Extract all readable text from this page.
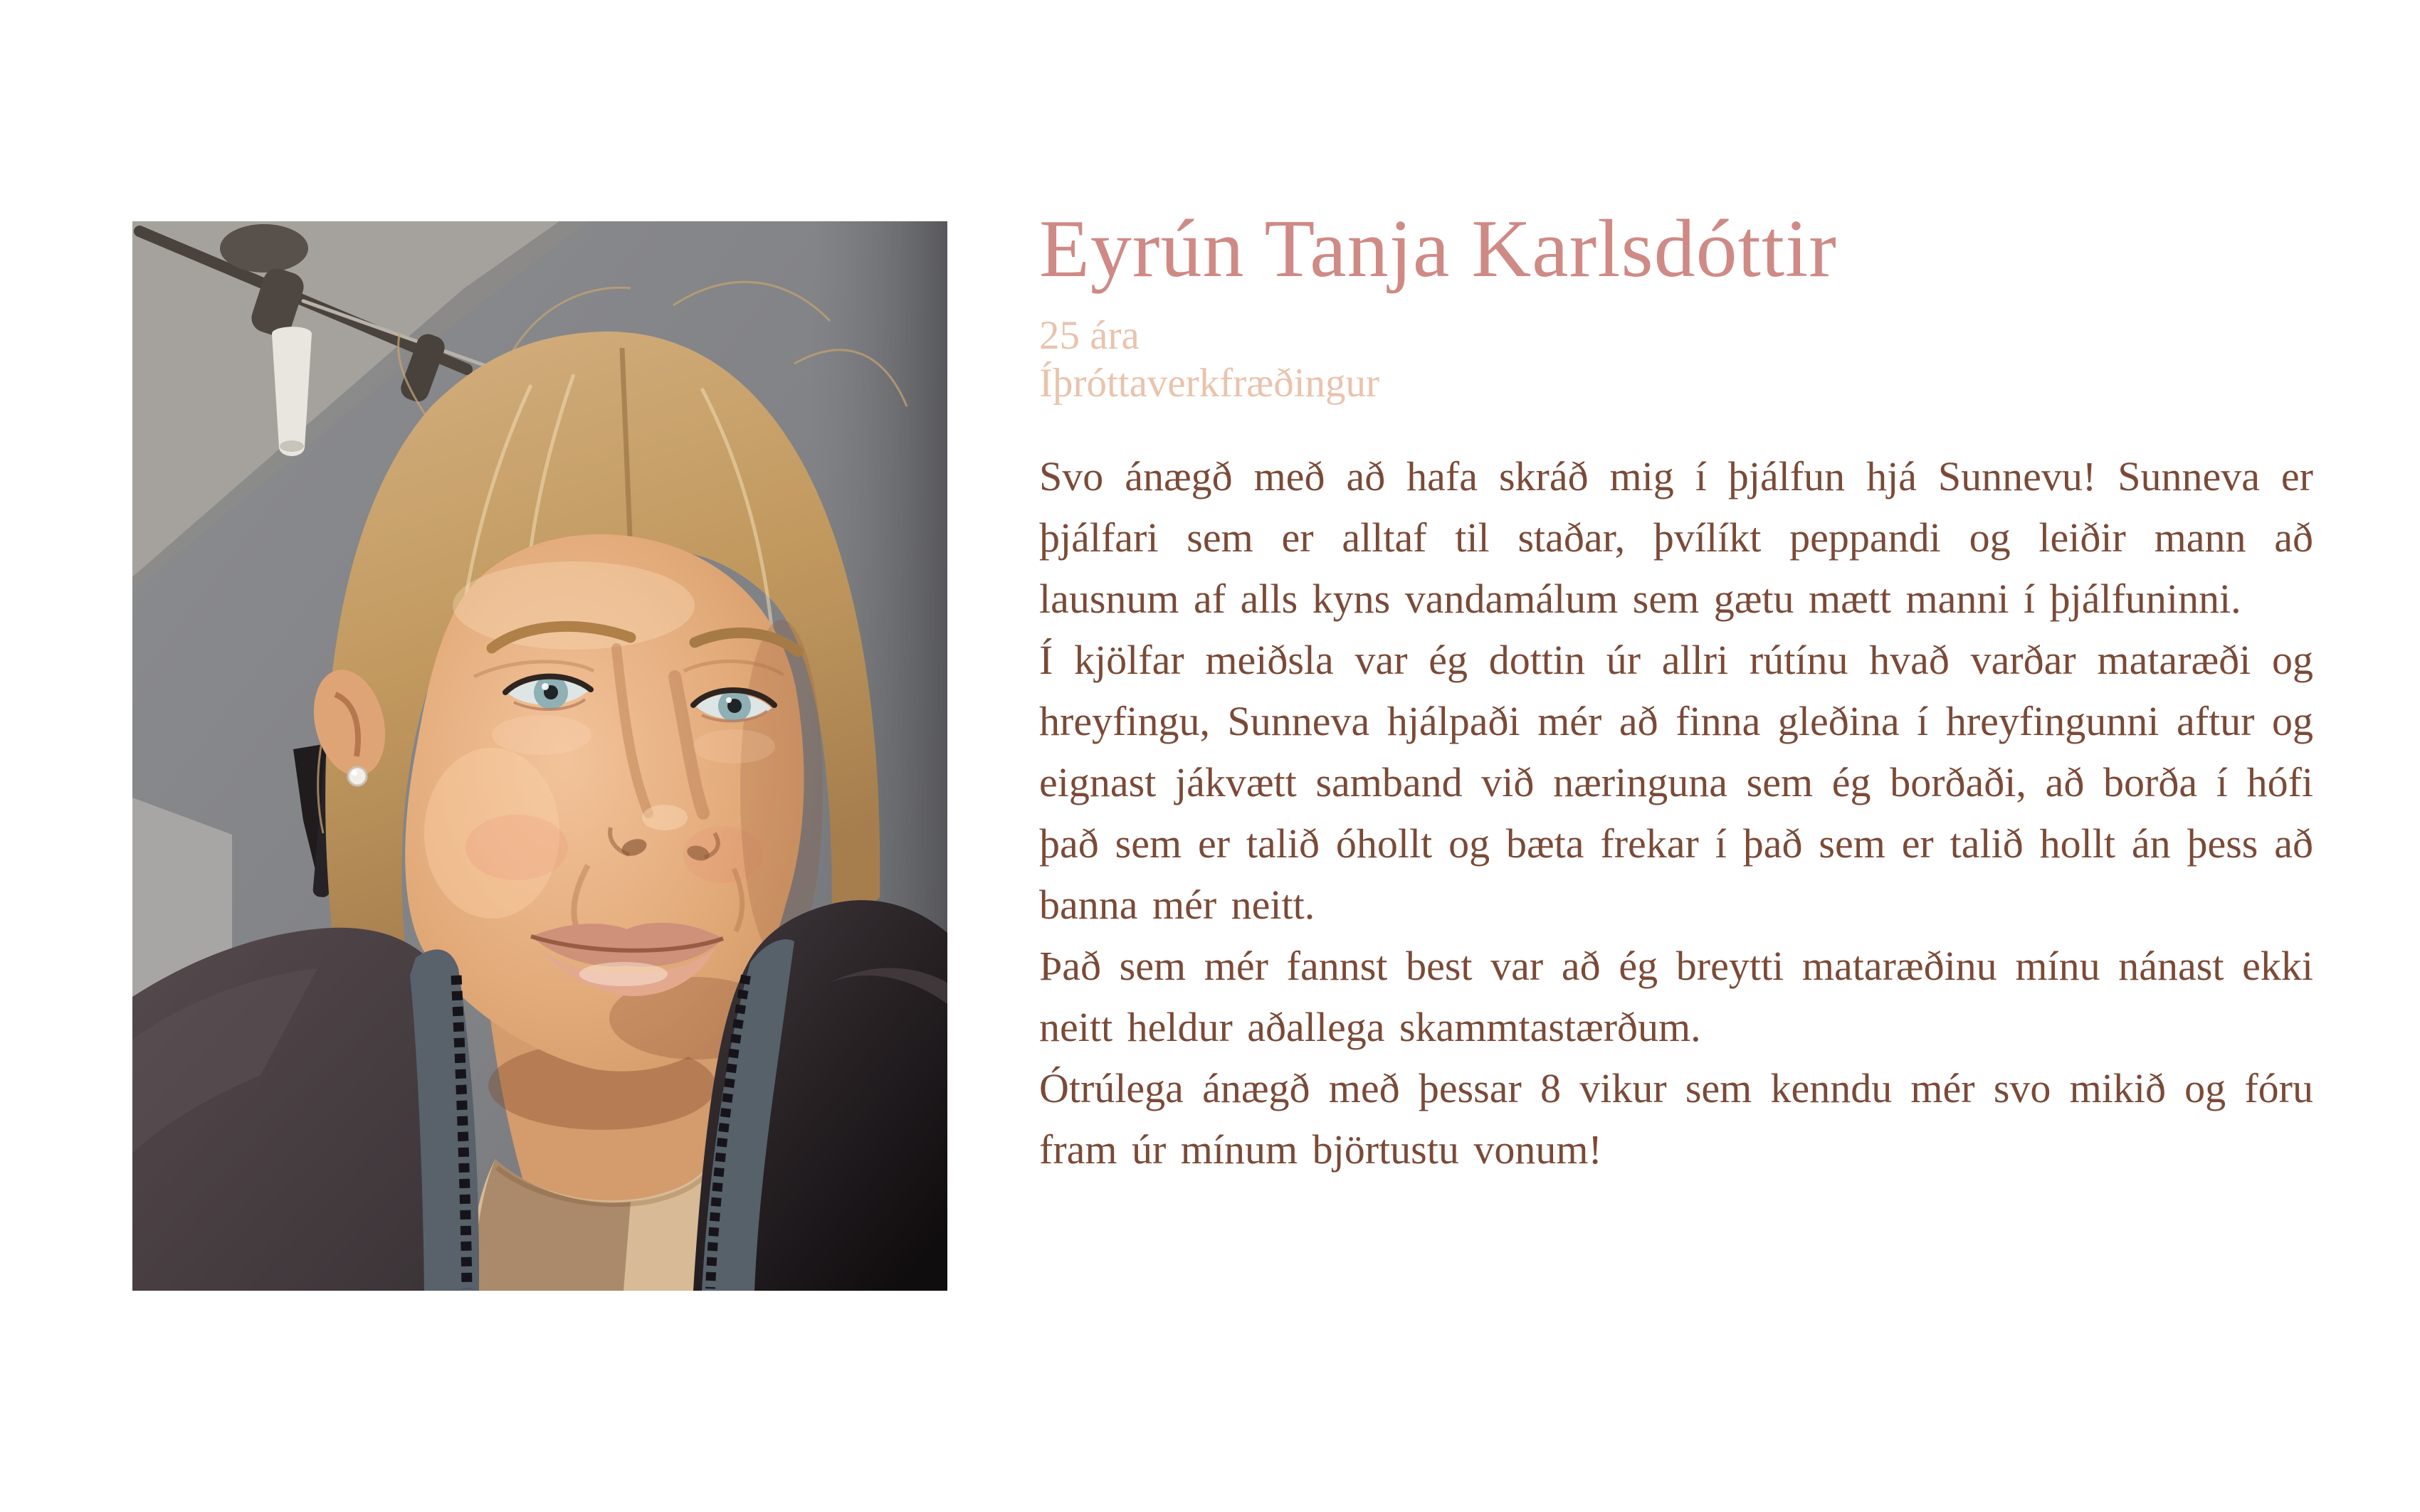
Eyrún Tanja Karlsdóttir
25 ára
Íþróttaverkfræðingur

Svo ánægð með að hafa skráð mig í þjálfun hjá Sunnevu! Sunneva er þjálfari sem er alltaf til staðar, þvílíkt peppandi og leiðir mann að lausnum af alls kyns vandamálum sem gætu mætt manni í þjálfuninni.

Í kjölfar meiðsla var ég dottin úr allri rútínu hvað varðar mataræði og hreyfingu, Sunneva hjálpaði mér að finna gleðina í hreyfingunni aftur og eignast jákvætt samband við næringuna sem ég borðaði, að borða í hófi það sem er talið óhollt og bæta frekar í það sem er talið hollt án þess að banna mér neitt.

Það sem mér fannst best var að ég breytti mataræðinu mínu nánast ekki neitt heldur aðallega skammtastærðum.

Ótrúlega ánægð með þessar 8 vikur sem kenndu mér svo mikið og fóru fram úr mínum björtustu vonum!
